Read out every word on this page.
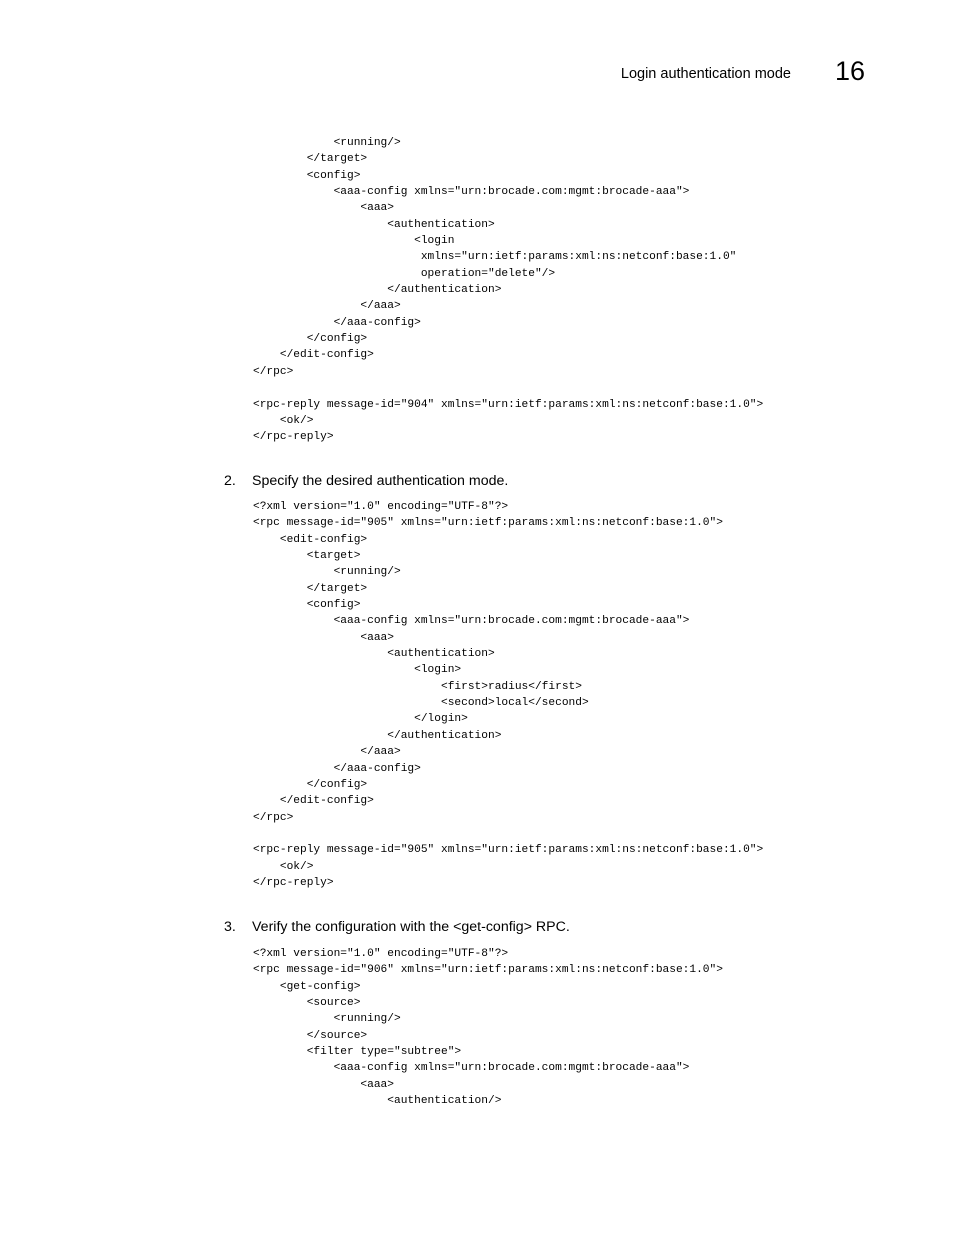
Login authentication mode 16
<running/>
</target>
<config>
<aaa-config xmlns="urn:brocade.com:mgmt:brocade-aaa">
<aaa>
<authentication>
<login
xmlns="urn:ietf:params:xml:ns:netconf:base:1.0"
operation="delete"/>
</authentication>
</aaa>
</aaa-config>
</config>
</edit-config>
</rpc>

<rpc-reply message-id="904" xmlns="urn:ietf:params:xml:ns:netconf:base:1.0">
<ok/>
</rpc-reply>
2. Specify the desired authentication mode.
<?xml version="1.0" encoding="UTF-8"?>
<rpc message-id="905" xmlns="urn:ietf:params:xml:ns:netconf:base:1.0">
<edit-config>
<target>
<running/>
</target>
<config>
<aaa-config xmlns="urn:brocade.com:mgmt:brocade-aaa">
<aaa>
<authentication>
<login>
<first>radius</first>
<second>local</second>
</login>
</authentication>
</aaa>
</aaa-config>
</config>
</edit-config>
</rpc>

<rpc-reply message-id="905" xmlns="urn:ietf:params:xml:ns:netconf:base:1.0">
<ok/>
</rpc-reply>
3. Verify the configuration with the <get-config> RPC.
<?xml version="1.0" encoding="UTF-8"?>
<rpc message-id="906" xmlns="urn:ietf:params:xml:ns:netconf:base:1.0">
<get-config>
<source>
<running/>
</source>
<filter type="subtree">
<aaa-config xmlns="urn:brocade.com:mgmt:brocade-aaa">
<aaa>
<authentication/>
